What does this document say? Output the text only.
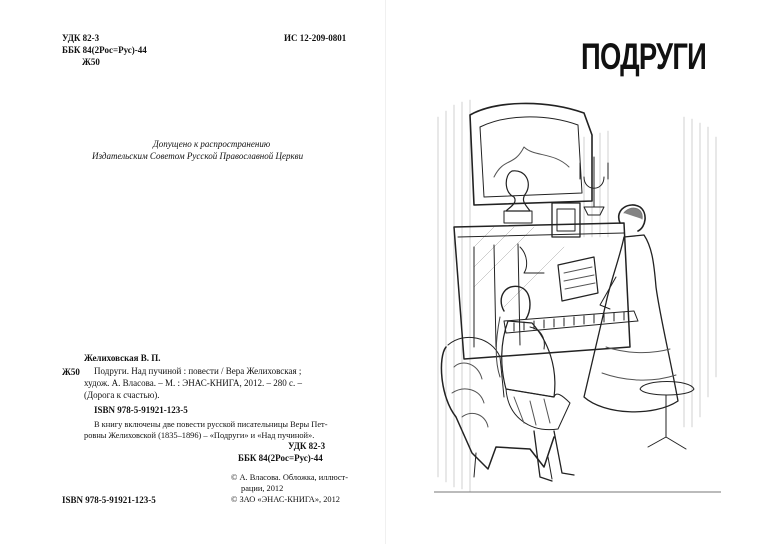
УДК 82-3
ББК 84(2Рос=Рус)-44
Ж50
ИС 12-209-0801
Допущено к распространению
Издательским Советом Русской Православной Церкви
Желиховская В. П.
Ж50 Подруги. Над пучиной : повести / Вера Желиховская ;
худож. А. Власова. – М. : ЭНАС-КНИГА, 2012. – 280 с. –
(Дорога к счастью).
ISBN 978-5-91921-123-5
В книгу включены две повести русской писательницы Веры Пет-
ровны Желиховской (1835–1896) – «Подруги» и «Над пучиной».
УДК 82-3
ББК 84(2Рос=Рус)-44
© А. Власова. Обложка, иллюст-
рации, 2012
© ЗАО «ЭНАС-КНИГА», 2012
ISBN 978-5-91921-123-5
ПОДРУГИ
